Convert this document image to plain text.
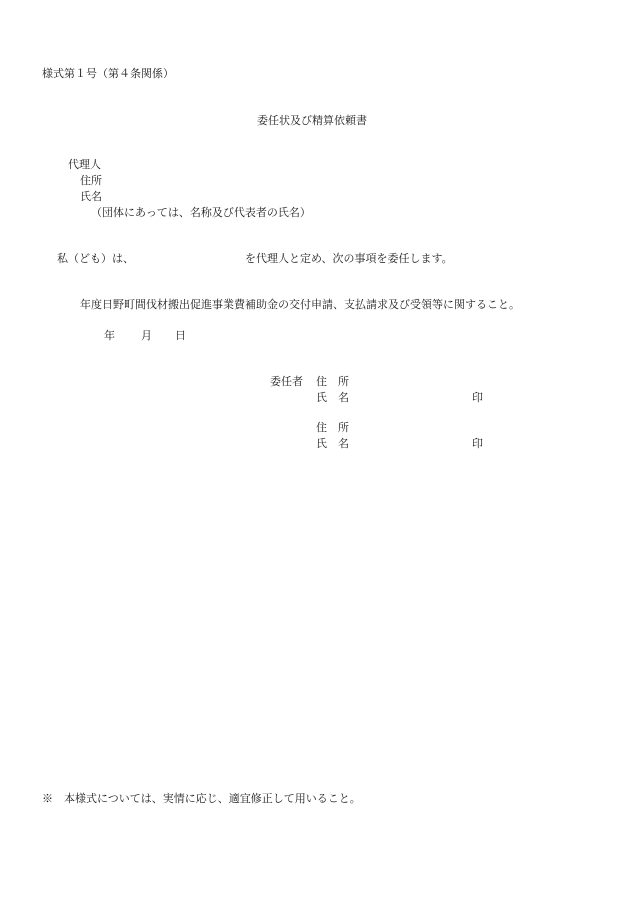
様式第１号（第４条関係）
委任状及び精算依頼書
代理人
住所
氏名
（団体にあっては、名称及び代表者の氏名）
私（ども）は、	を代理人と定め、次の事項を委任します。
年度日野町間伐材搬出促進事業費補助金の交付申請、支払請求及び受領等に関すること。
年 月 日
委任者 住　所
氏　名	印
住　所
氏　名	印
※　本様式については、実情に応じ、適宜修正して用いること。
